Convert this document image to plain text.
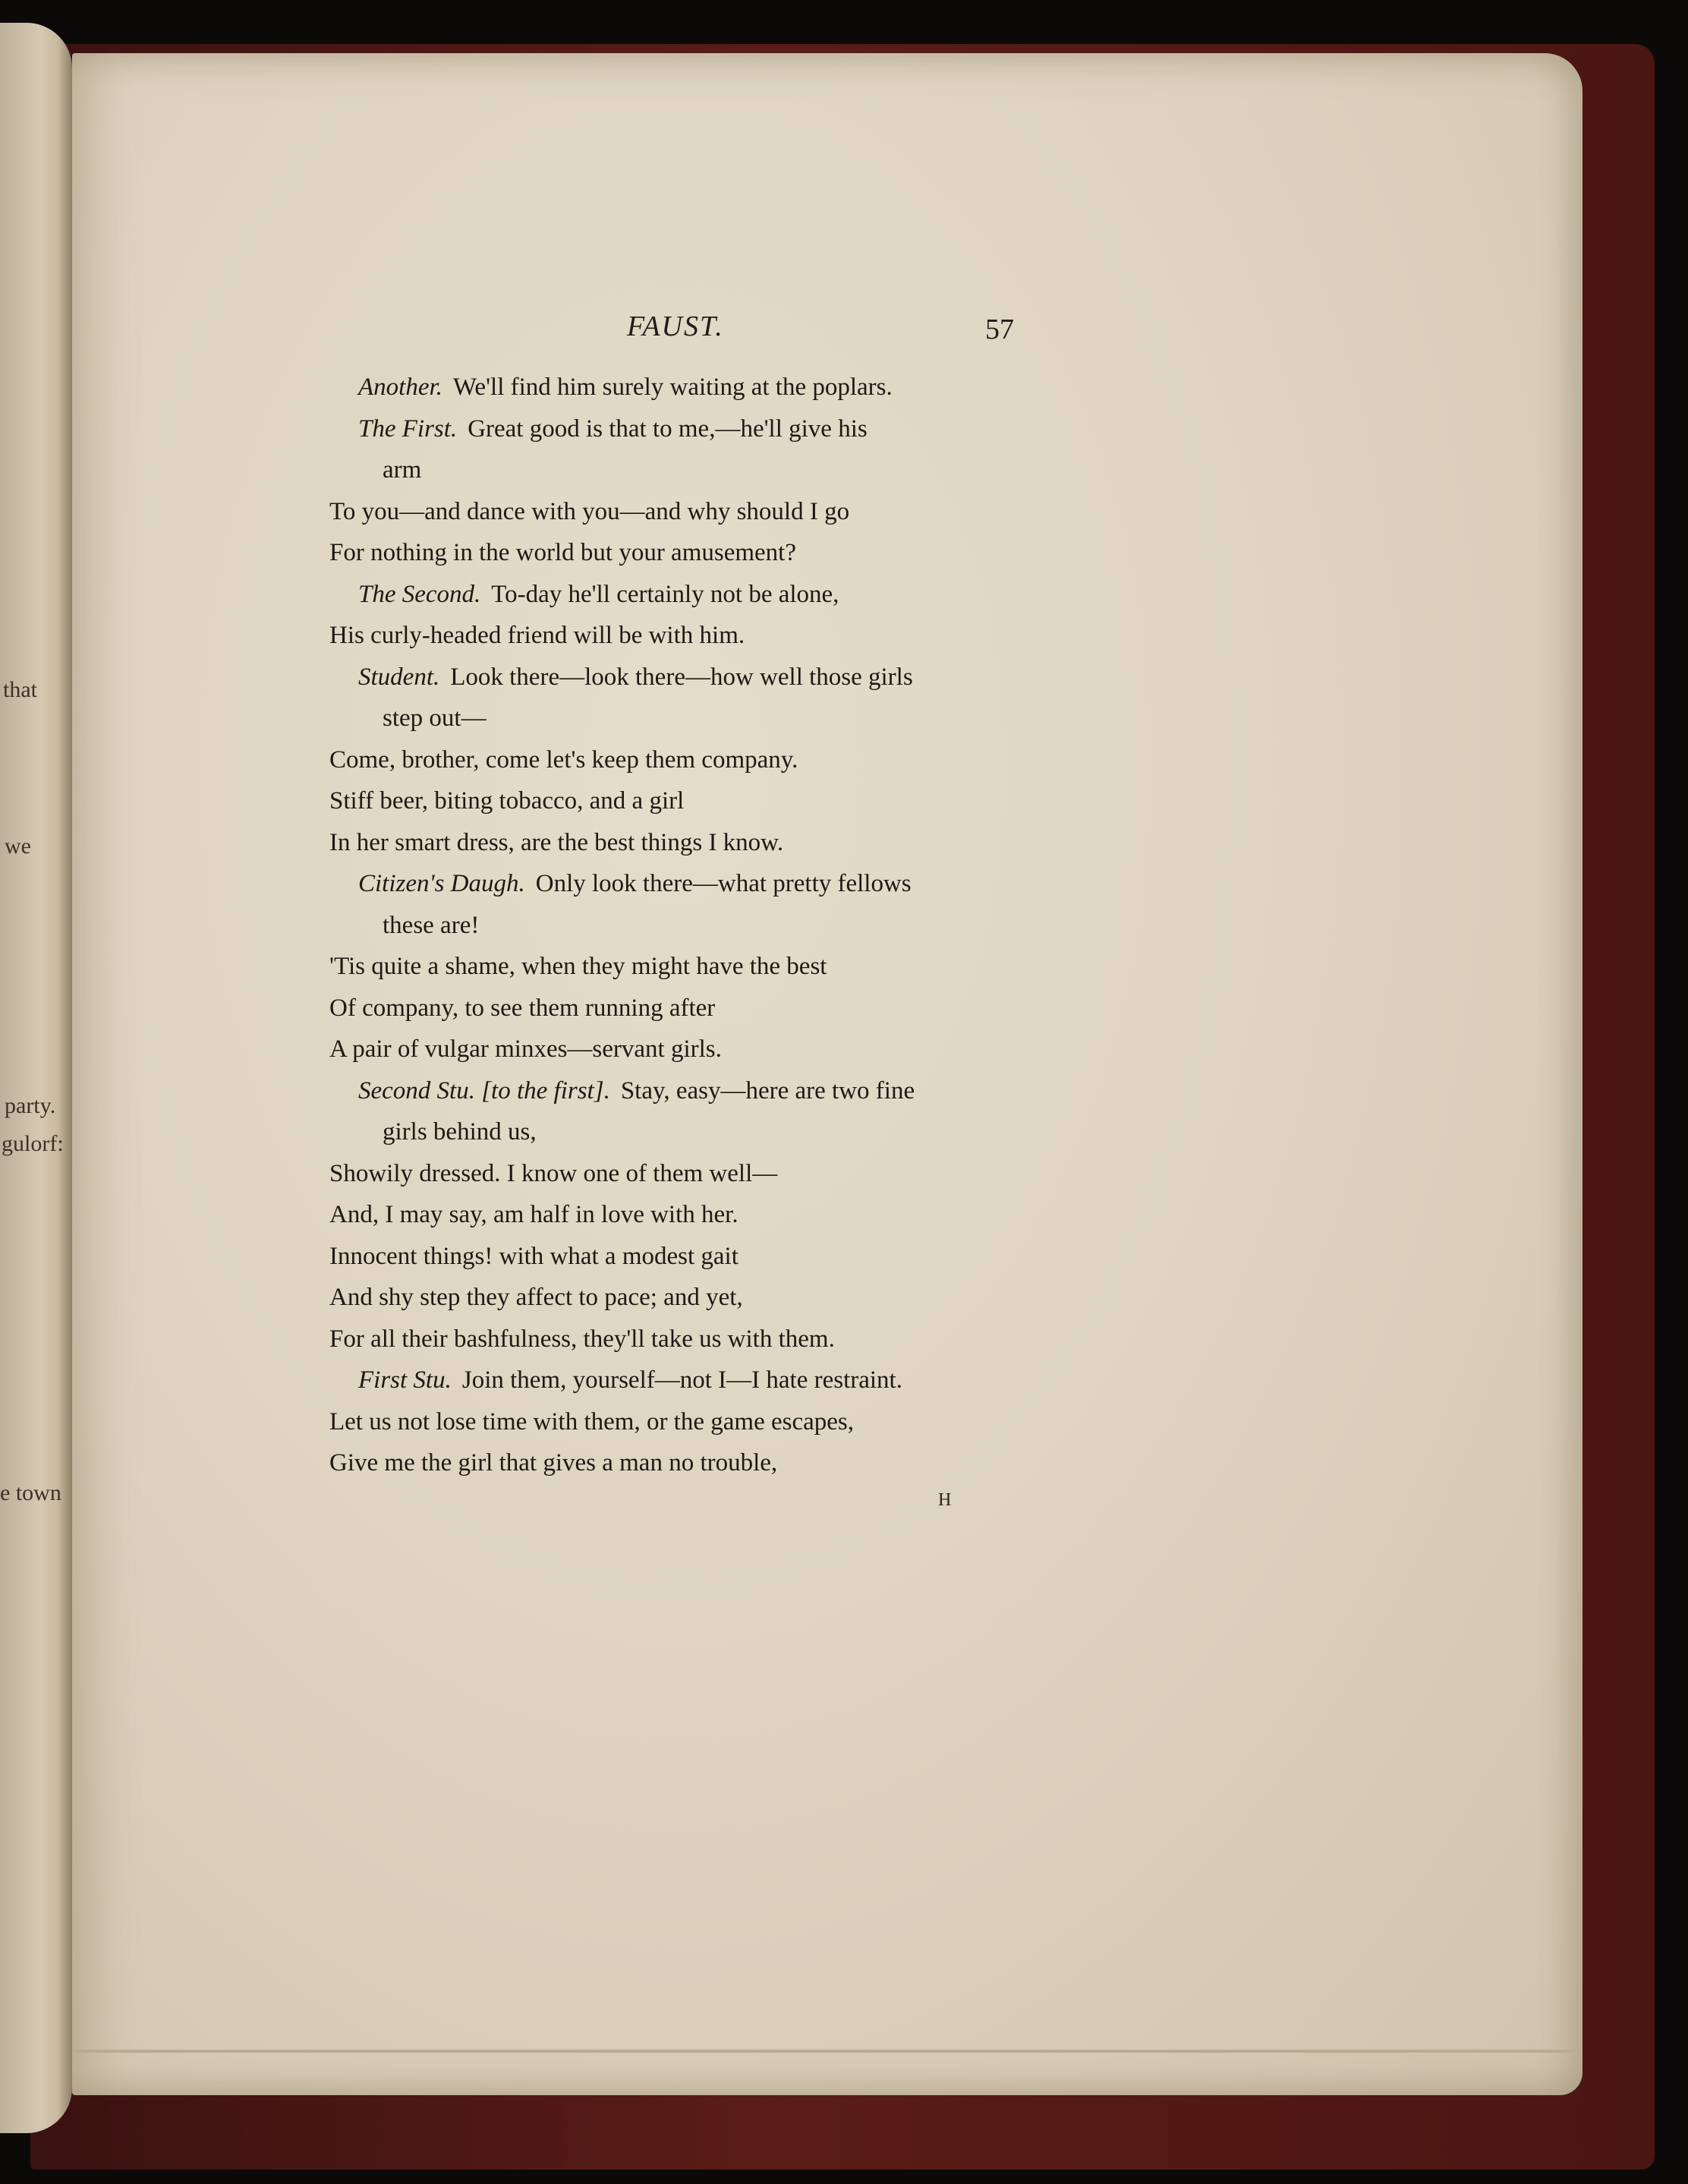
that
we
party.
gulorf:
e town
FAUST.	57
Another. We'll find him surely waiting at the poplars.
The First. Great good is that to me,—he'll give his
arm
To you—and dance with you—and why should I go
For nothing in the world but your amusement?
The Second. To-day he'll certainly not be alone,
His curly-headed friend will be with him.
Student. Look there—look there—how well those girls
step out—
Come, brother, come let's keep them company.
Stiff beer, biting tobacco, and a girl
In her smart dress, are the best things I know.
Citizen's Daugh. Only look there—what pretty fellows
these are!
'Tis quite a shame, when they might have the best
Of company, to see them running after
A pair of vulgar minxes—servant girls.
Second Stu. [to the first]. Stay, easy—here are two fine
girls behind us,
Showily dressed. I know one of them well—
And, I may say, am half in love with her.
Innocent things! with what a modest gait
And shy step they affect to pace; and yet,
For all their bashfulness, they'll take us with them.
First Stu. Join them, yourself—not I—I hate restraint.
Let us not lose time with them, or the game escapes,
Give me the girl that gives a man no trouble,
H
